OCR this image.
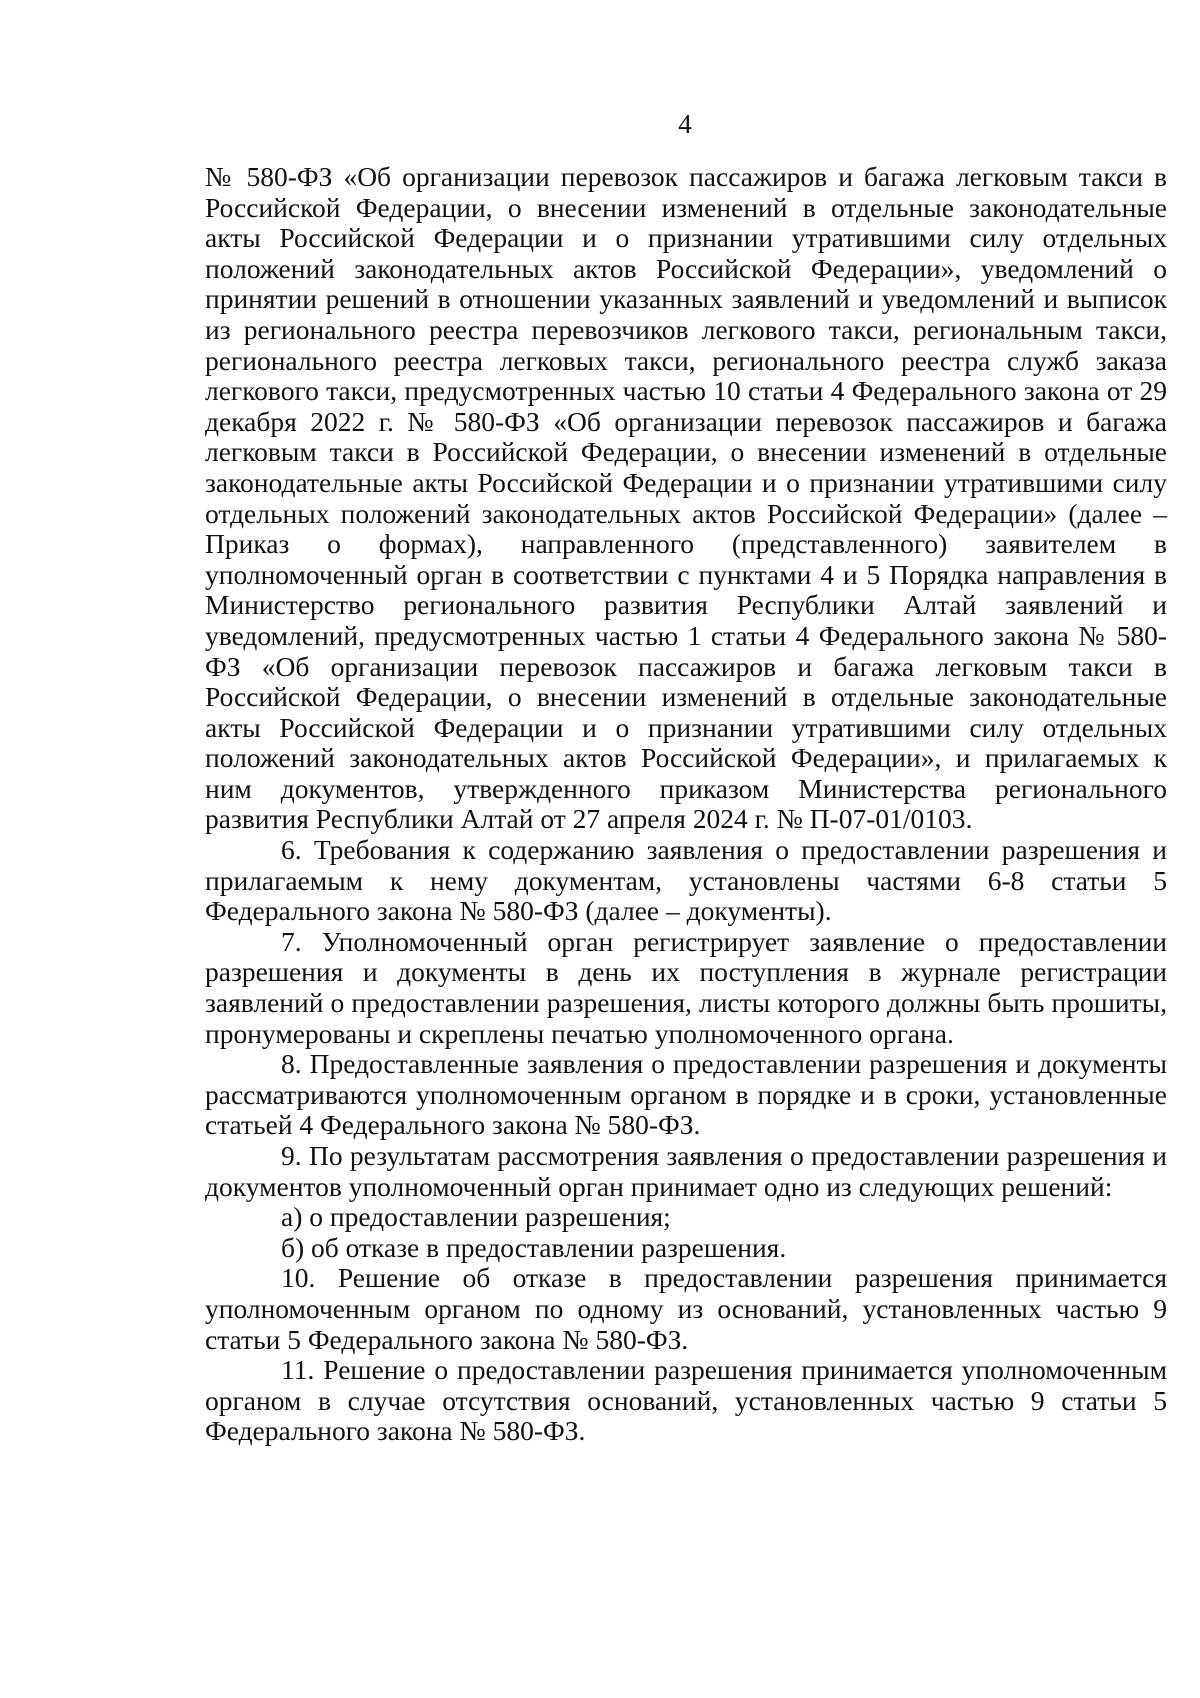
4

№ 580-ФЗ «Об организации перевозок пассажиров и багажа легковым такси в Российской Федерации, о внесении изменений в отдельные законодательные акты Российской Федерации и о признании утратившими силу отдельных положений законодательных актов Российской Федерации», уведомлений о принятии решений в отношении указанных заявлений и уведомлений и выписок из регионального реестра перевозчиков легкового такси, региональным такси, регионального реестра легковых такси, регионального реестра служб заказа легкового такси, предусмотренных частью 10 статьи 4 Федерального закона от 29 декабря 2022 г. № 580-ФЗ «Об организации перевозок пассажиров и багажа легковым такси в Российской Федерации, о внесении изменений в отдельные законодательные акты Российской Федерации и о признании утратившими силу отдельных положений законодательных актов Российской Федерации» (далее – Приказ о формах), направленного (представленного) заявителем в уполномоченный орган в соответствии с пунктами 4 и 5 Порядка направления в Министерство регионального развития Республики Алтай заявлений и уведомлений, предусмотренных частью 1 статьи 4 Федерального закона № 580-ФЗ «Об организации перевозок пассажиров и багажа легковым такси в Российской Федерации, о внесении изменений в отдельные законодательные акты Российской Федерации и о признании утратившими силу отдельных положений законодательных актов Российской Федерации», и прилагаемых к ним документов, утвержденного приказом Министерства регионального развития Республики Алтай от 27 апреля 2024 г. № П-07-01/0103.

6. Требования к содержанию заявления о предоставлении разрешения и прилагаемым к нему документам, установлены частями 6-8 статьи 5 Федерального закона № 580-ФЗ (далее – документы).

7. Уполномоченный орган регистрирует заявление о предоставлении разрешения и документы в день их поступления в журнале регистрации заявлений о предоставлении разрешения, листы которого должны быть прошиты, пронумерованы и скреплены печатью уполномоченного органа.

8. Предоставленные заявления о предоставлении разрешения и документы рассматриваются уполномоченным органом в порядке и в сроки, установленные статьей 4 Федерального закона № 580-ФЗ.

9. По результатам рассмотрения заявления о предоставлении разрешения и документов уполномоченный орган принимает одно из следующих решений:

а) о предоставлении разрешения;

б) об отказе в предоставлении разрешения.

10. Решение об отказе в предоставлении разрешения принимается уполномоченным органом по одному из оснований, установленных частью 9 статьи 5 Федерального закона № 580-ФЗ.

11. Решение о предоставлении разрешения принимается уполномоченным органом в случае отсутствия оснований, установленных частью 9 статьи 5 Федерального закона № 580-ФЗ.
